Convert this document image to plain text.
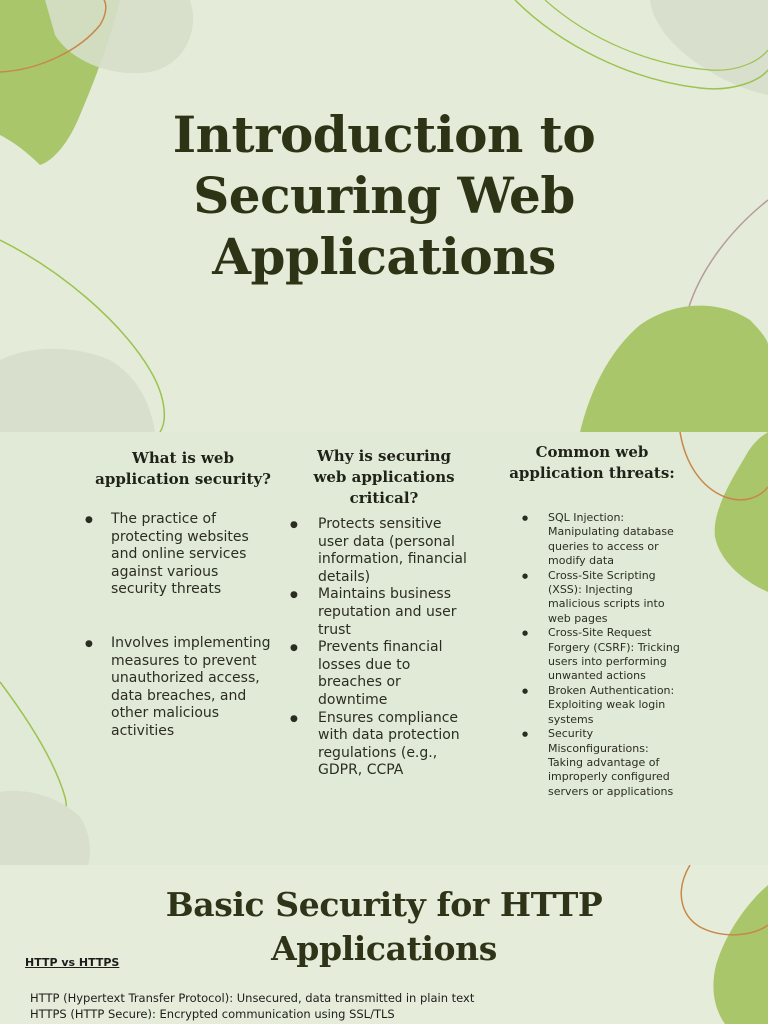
Introduction to Securing Web Applications
What is web application security?
● The practice of protecting websites and online services against various security threats
● Involves implementing measures to prevent unauthorized access, data breaches, and other malicious activities
Why is securing web applications critical?
● Protects sensitive user data (personal information, financial details)
● Maintains business reputation and user trust
● Prevents financial losses due to breaches or downtime
● Ensures compliance with data protection regulations (e.g., GDPR, CCPA
Common web application threats:
● SQL Injection: Manipulating database queries to access or modify data
● Cross-Site Scripting (XSS): Injecting malicious scripts into web pages
● Cross-Site Request Forgery (CSRF): Tricking users into performing unwanted actions
● Broken Authentication: Exploiting weak login systems
● Security Misconfigurations: Taking advantage of improperly configured servers or applications
Basic Security for HTTP Applications

HTTP vs HTTPS

HTTP (Hypertext Transfer Protocol): Unsecured, data transmitted in plain text

HTTPS (HTTP Secure): Encrypted communication using SSL/TLS
